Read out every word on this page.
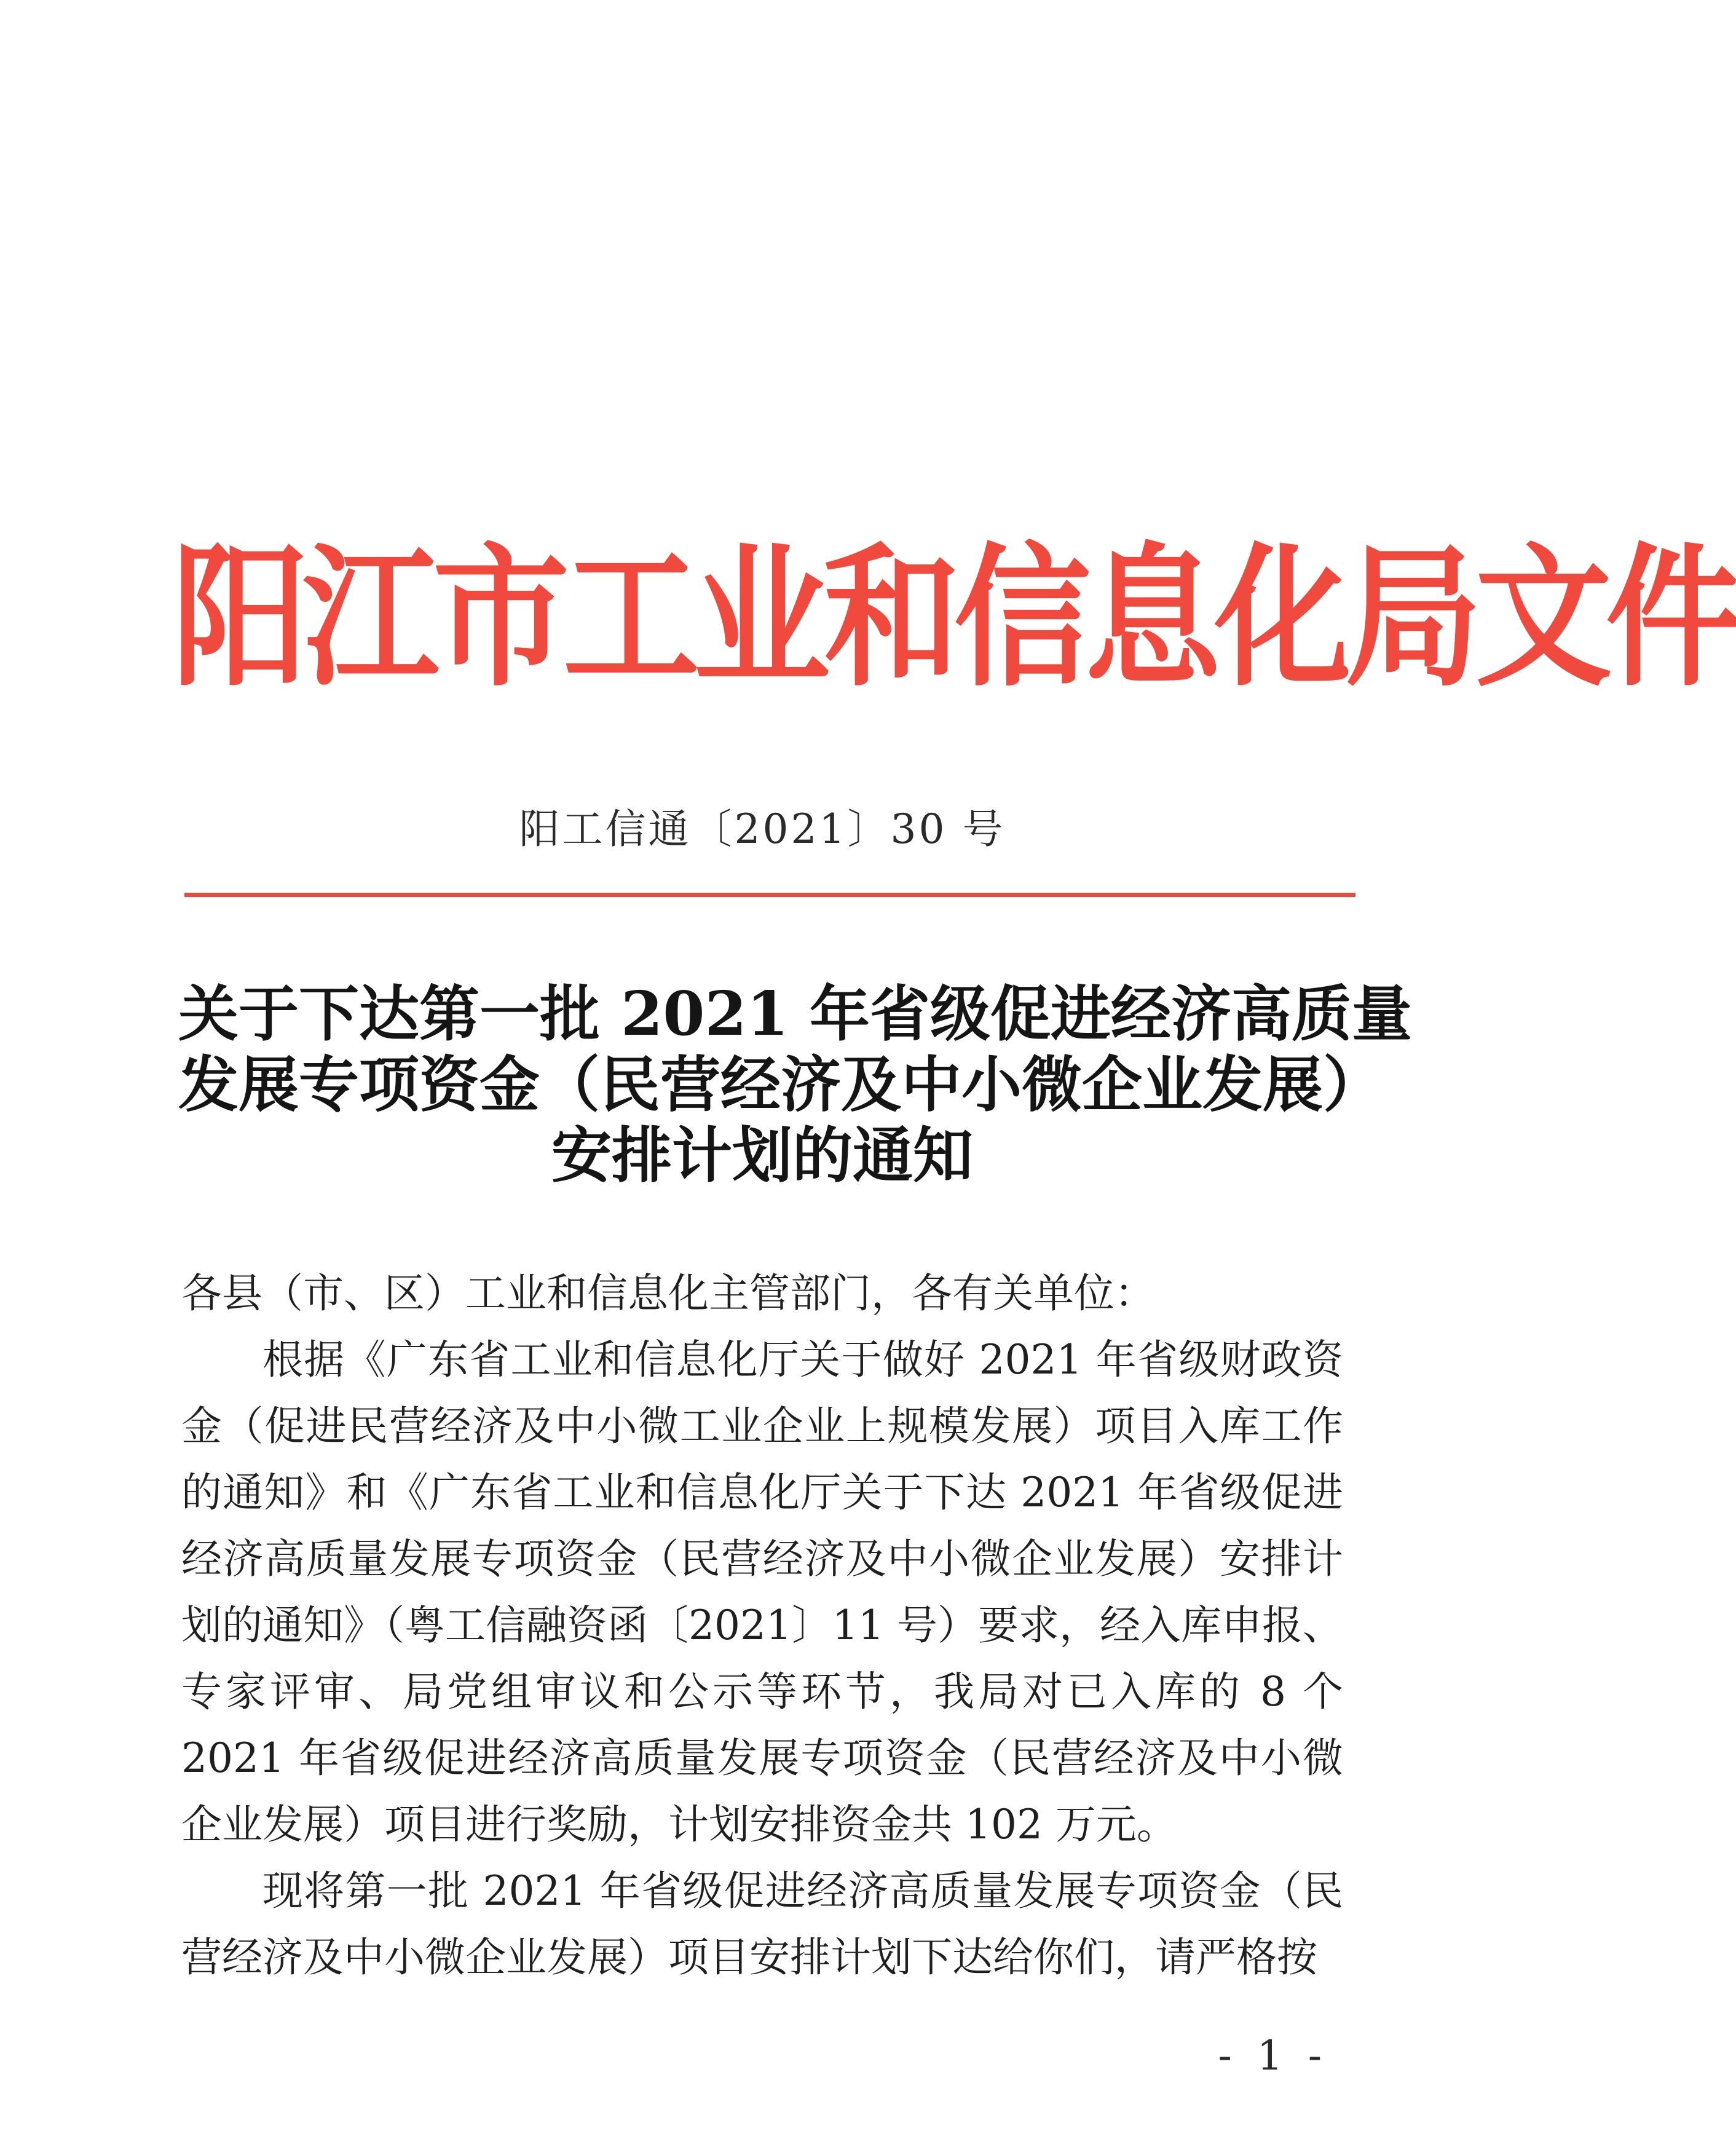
阳江市工业和信息化局文件
阳工信通〔2021〕30 号
关于下达第一批 2021 年省级促进经济高质量
发展专项资金（民营经济及中小微企业发展）
安排计划的通知

各县（市、区）工业和信息化主管部门，各有关单位：

根据《广东省工业和信息化厅关于做好 2021 年省级财政资金（促进民营经济及中小微工业企业上规模发展）项目入库工作的通知》和《广东省工业和信息化厅关于下达 2021 年省级促进经济高质量发展专项资金（民营经济及中小微企业发展）安排计划的通知》（粤工信融资函〔2021〕11 号）要求，经入库申报、专家评审、局党组审议和公示等环节，我局对已入库的 8 个 2021 年省级促进经济高质量发展专项资金（民营经济及中小微企业发展）项目进行奖励，计划安排资金共 102 万元。

现将第一批 2021 年省级促进经济高质量发展专项资金（民营经济及中小微企业发展）项目安排计划下达给你们，请严格按

- 1 -
